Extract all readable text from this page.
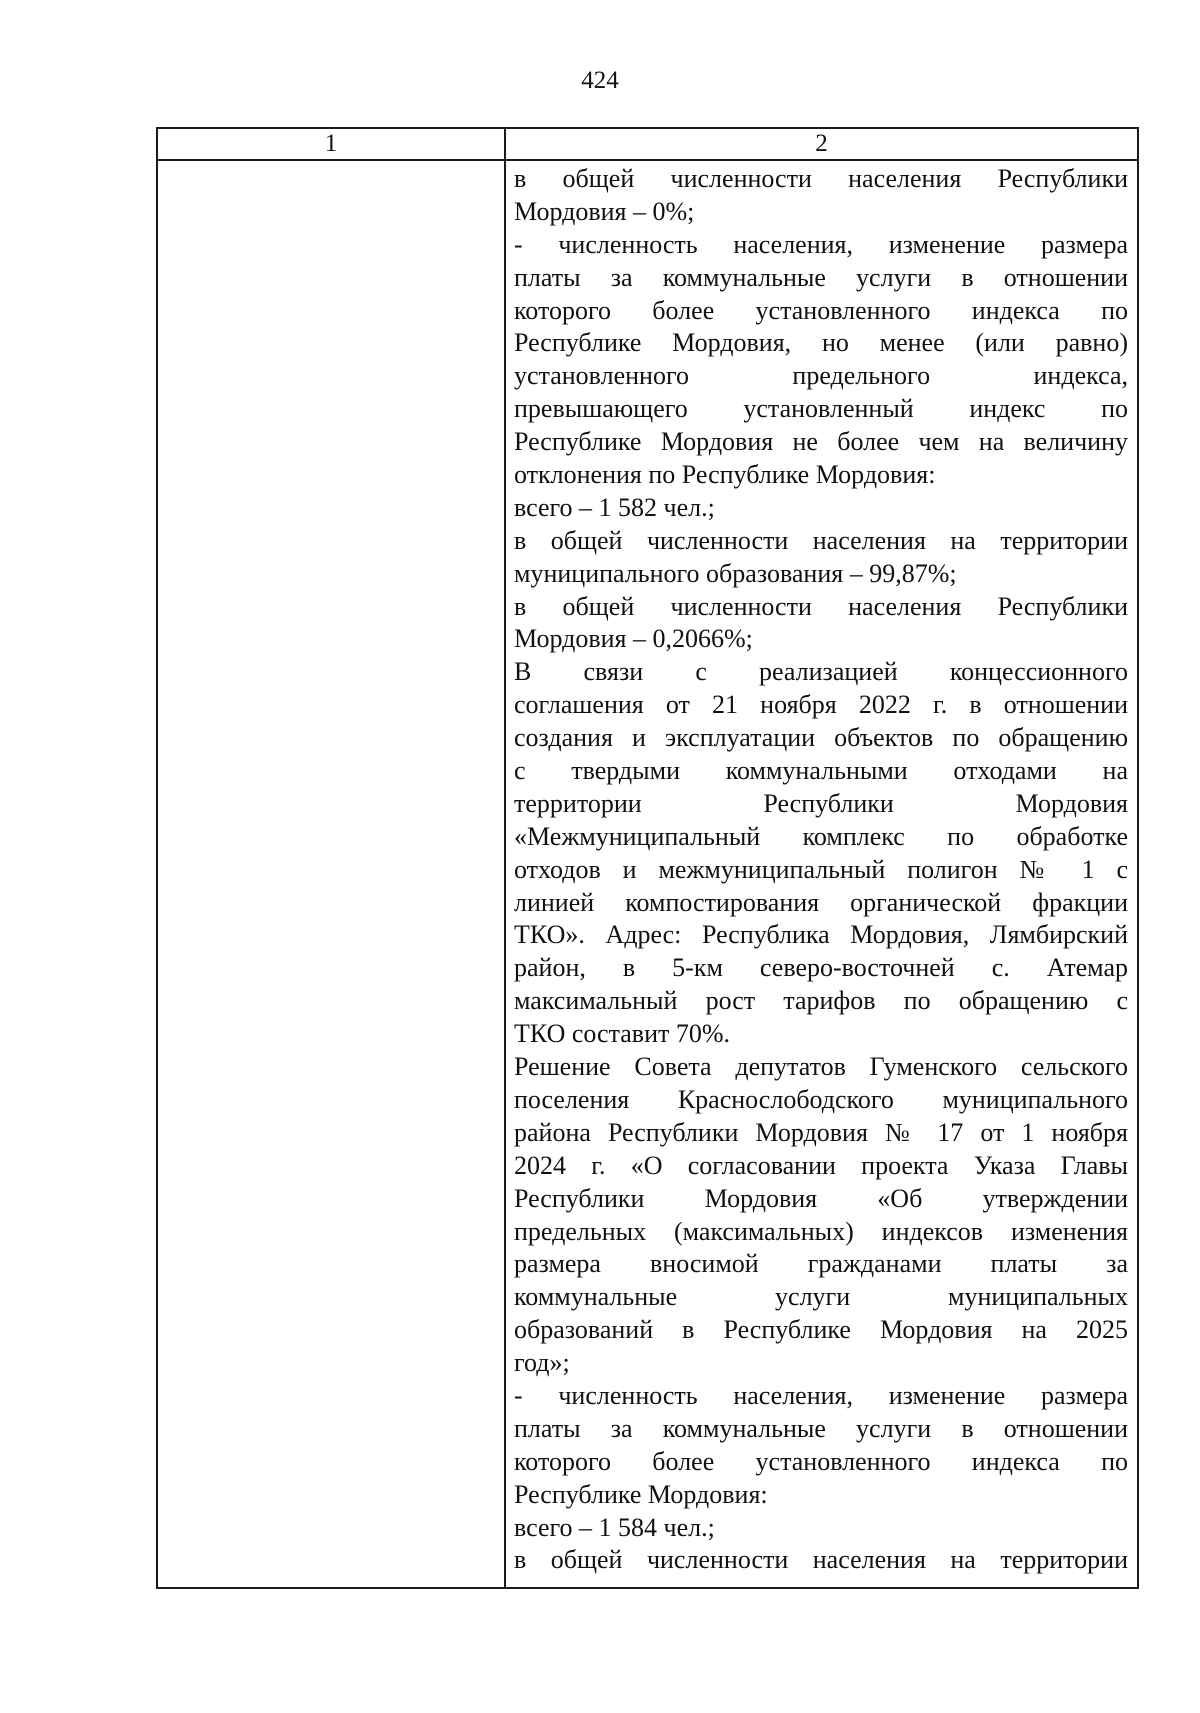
424
1	2
в общей численности населения Республики
Мордовия – 0%;
- численность населения, изменение размера
платы за коммунальные услуги в отношении
которого более установленного индекса по
Республике Мордовия, но менее (или равно)
установленного предельного индекса,
превышающего установленный индекс по
Республике Мордовия не более чем на величину
отклонения по Республике Мордовия:
всего – 1 582 чел.;
в общей численности населения на территории
муниципального образования – 99,87%;
в общей численности населения Республики
Мордовия – 0,2066%;
В связи с реализацией концессионного
соглашения от 21 ноября 2022 г. в отношении
создания и эксплуатации объектов по обращению
с твердыми коммунальными отходами на
территории Республики Мордовия
«Межмуниципальный комплекс по обработке
отходов и межмуниципальный полигон № 1 с
линией компостирования органической фракции
ТКО». Адрес: Республика Мордовия, Лямбирский
район, в 5-км северо-восточней с. Атемар
максимальный рост тарифов по обращению с
ТКО составит 70%.
Решение Совета депутатов Гуменского сельского
поселения Краснослободского муниципального
района Республики Мордовия № 17 от 1 ноября
2024 г. «О согласовании проекта Указа Главы
Республики Мордовия «Об утверждении
предельных (максимальных) индексов изменения
размера вносимой гражданами платы за
коммунальные услуги муниципальных
образований в Республике Мордовия на 2025
год»;
- численность населения, изменение размера
платы за коммунальные услуги в отношении
которого более установленного индекса по
Республике Мордовия:
всего – 1 584 чел.;
в общей численности населения на территории
